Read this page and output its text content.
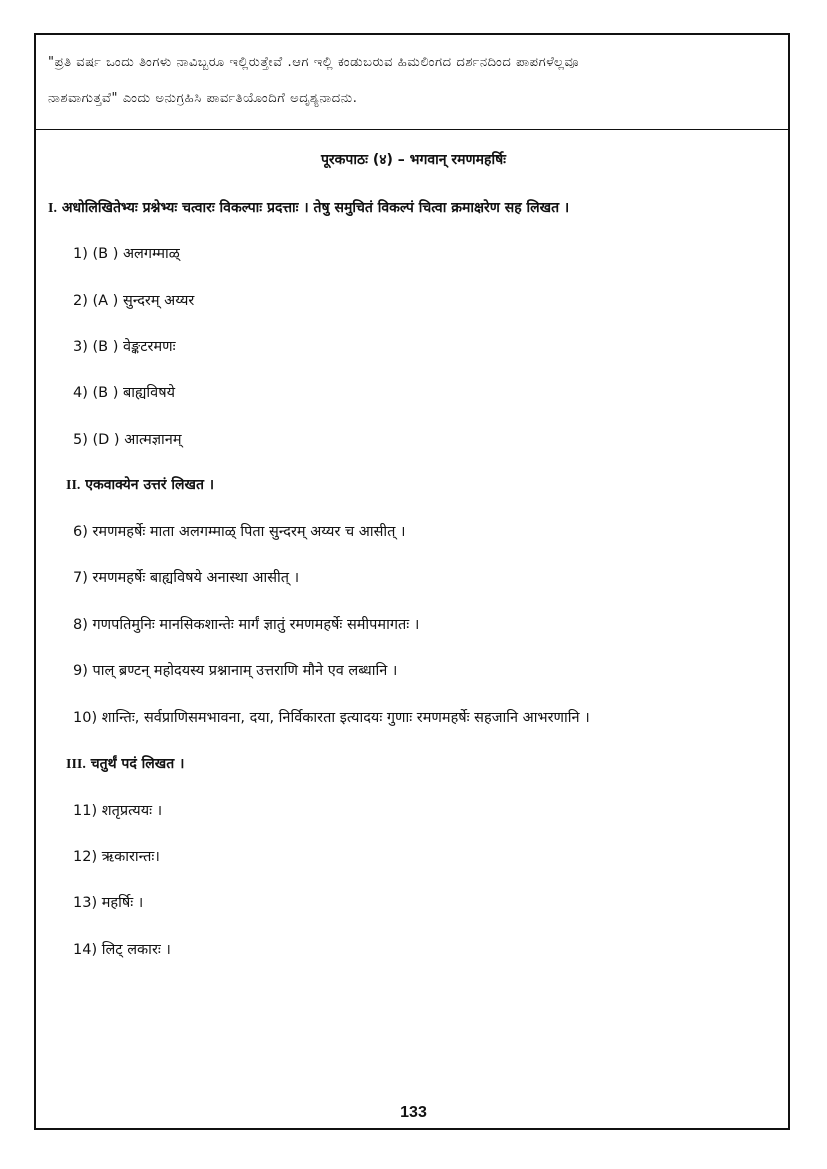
"ಪ್ರತಿ ವರ್ಷ ಒಂದು ತಿಂಗಳು ನಾವಿಬ್ಬರೂ ಇಲ್ಲಿರುತ್ತೇವೆ .ಆಗ ಇಲ್ಲಿ ಕಂಡುಬರುವ ಹಿಮಲಿಂಗದ ದರ್ಶನದಿಂದ ಪಾಪಗಳೆಲ್ಲವೂ
ನಾಶವಾಗುತ್ತವೆ" ಎಂದು ಅನುಗ್ರಹಿಸಿ ಪಾರ್ವತಿಯೊಂದಿಗೆ ಅದೃಶ್ಯನಾದನು.
पूरकपाठः (४) – भगवान् रमणमहर्षिः
I. अधोलिखितेभ्यः प्रश्नेभ्यः चत्वारः विकल्पाः प्रदत्ताः । तेषु समुचितं विकल्पं चित्वा क्रमाक्षरेण सह लिखत ।
1) (B ) अलगम्माळ्
2) (A ) सुन्दरम् अय्यर
3) (B ) वेङ्कटरमणः
4) (B ) बाह्यविषये
5) (D ) आत्मज्ञानम्
II. एकवाक्येन उत्तरं लिखत ।
6) रमणमहर्षेः माता अलगम्माळ् पिता सुन्दरम् अय्यर च आसीत् ।
7) रमणमहर्षेः बाह्यविषये अनास्था आसीत् ।
8) गणपतिमुनिः मानसिकशान्तेः मार्गं ज्ञातुं रमणमहर्षेः समीपमागतः ।
9) पाल् ब्रण्टन् महोदयस्य प्रश्नानाम् उत्तराणि मौने एव लब्धानि ।
10) शान्तिः, सर्वप्राणिसमभावना, दया, निर्विकारता इत्यादयः गुणाः रमणमहर्षेः सहजानि आभरणानि ।
III. चतुर्थं पदं लिखत ।
11) शतृप्रत्ययः ।
12) ऋकारान्तः।
13) महर्षिः ।
14) लिट् लकारः ।
133
